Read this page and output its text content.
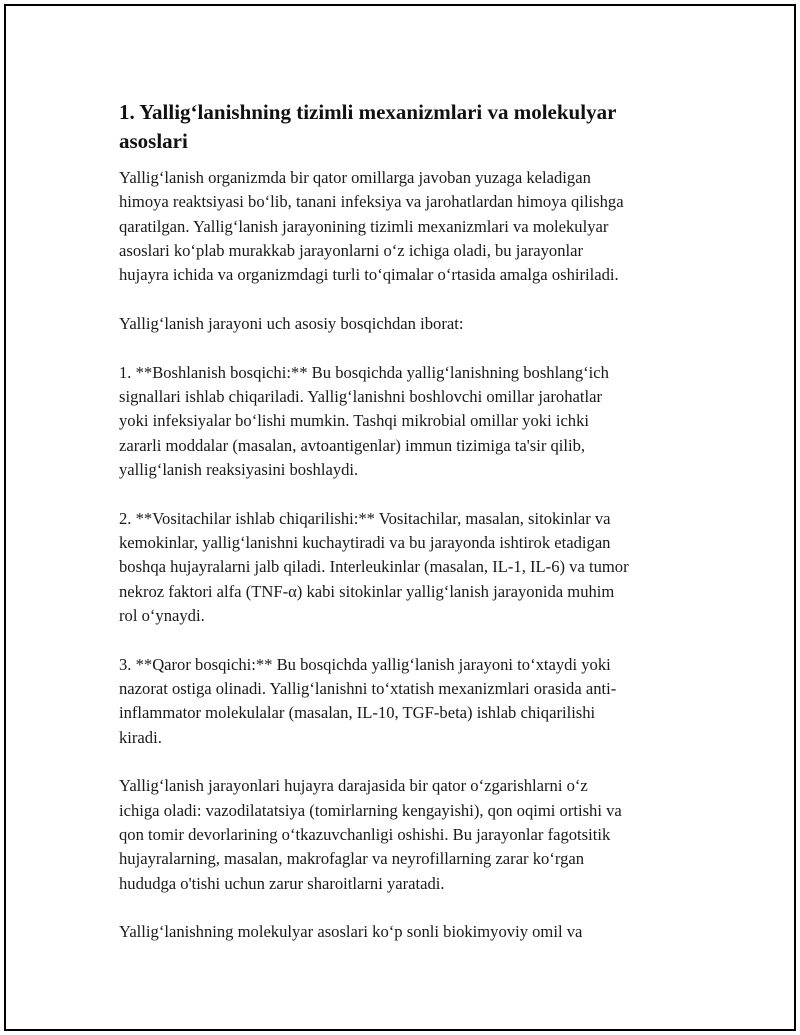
1. Yallig‘lanishning tizimli mexanizmlari va molekulyar
asoslari

Yallig‘lanish organizmda bir qator omillarga javoban yuzaga keladigan
himoya reaktsiyasi bo‘lib, tanani infeksiya va jarohatlardan himoya qilishga
qaratilgan. Yallig‘lanish jarayonining tizimli mexanizmlari va molekulyar
asoslari ko‘plab murakkab jarayonlarni o‘z ichiga oladi, bu jarayonlar
hujayra ichida va organizmdagi turli to‘qimalar o‘rtasida amalga oshiriladi.

Yallig‘lanish jarayoni uch asosiy bosqichdan iborat:

1. **Boshlanish bosqichi:** Bu bosqichda yallig‘lanishning boshlang‘ich
signallari ishlab chiqariladi. Yallig‘lanishni boshlovchi omillar jarohatlar
yoki infeksiyalar bo‘lishi mumkin. Tashqi mikrobial omillar yoki ichki
zararli moddalar (masalan, avtoantigenlar) immun tizimiga ta'sir qilib,
yallig‘lanish reaksiyasini boshlaydi.

2. **Vositachilar ishlab chiqarilishi:** Vositachilar, masalan, sitokinlar va
kemokinlar, yallig‘lanishni kuchaytiradi va bu jarayonda ishtirok etadigan
boshqa hujayralarni jalb qiladi. Interleukinlar (masalan, IL-1, IL-6) va tumor
nekroz faktori alfa (TNF-α) kabi sitokinlar yallig‘lanish jarayonida muhim
rol o‘ynaydi.

3. **Qaror bosqichi:** Bu bosqichda yallig‘lanish jarayoni to‘xtaydi yoki
nazorat ostiga olinadi. Yallig‘lanishni to‘xtatish mexanizmlari orasida anti-
inflammator molekulalar (masalan, IL-10, TGF-beta) ishlab chiqarilishi
kiradi.

Yallig‘lanish jarayonlari hujayra darajasida bir qator o‘zgarishlarni o‘z
ichiga oladi: vazodilatatsiya (tomirlarning kengayishi), qon oqimi ortishi va
qon tomir devorlarining o‘tkazuvchanligi oshishi. Bu jarayonlar fagotsitik
hujayralarning, masalan, makrofaglar va neyrofillarning zarar ko‘rgan
hududga o'tishi uchun zarur sharoitlarni yaratadi.

Yallig‘lanishning molekulyar asoslari ko‘p sonli biokimyoviy omil va
